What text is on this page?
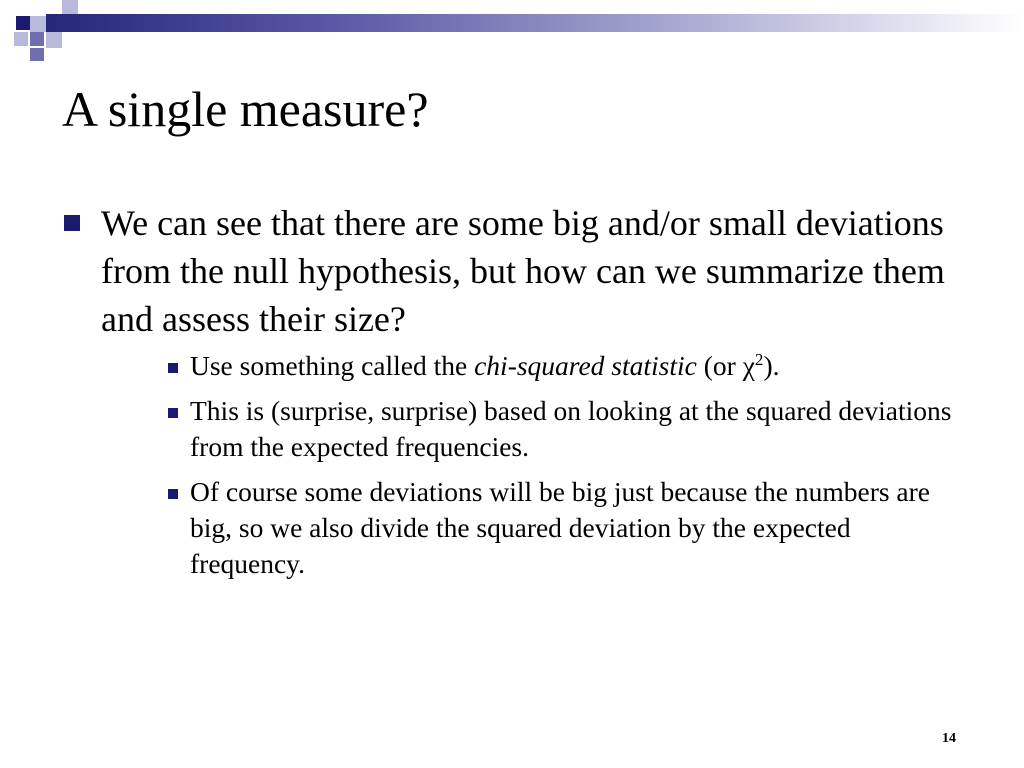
A single measure?
We can see that there are some big and/or small deviations from the null hypothesis, but how can we summarize them and assess their size?
Use something called the chi-squared statistic (or $\chi^2$).
This is (surprise, surprise) based on looking at the squared deviations from the expected frequencies.
Of course some deviations will be big just because the numbers are big, so we also divide the squared deviation by the expected frequency.
14
